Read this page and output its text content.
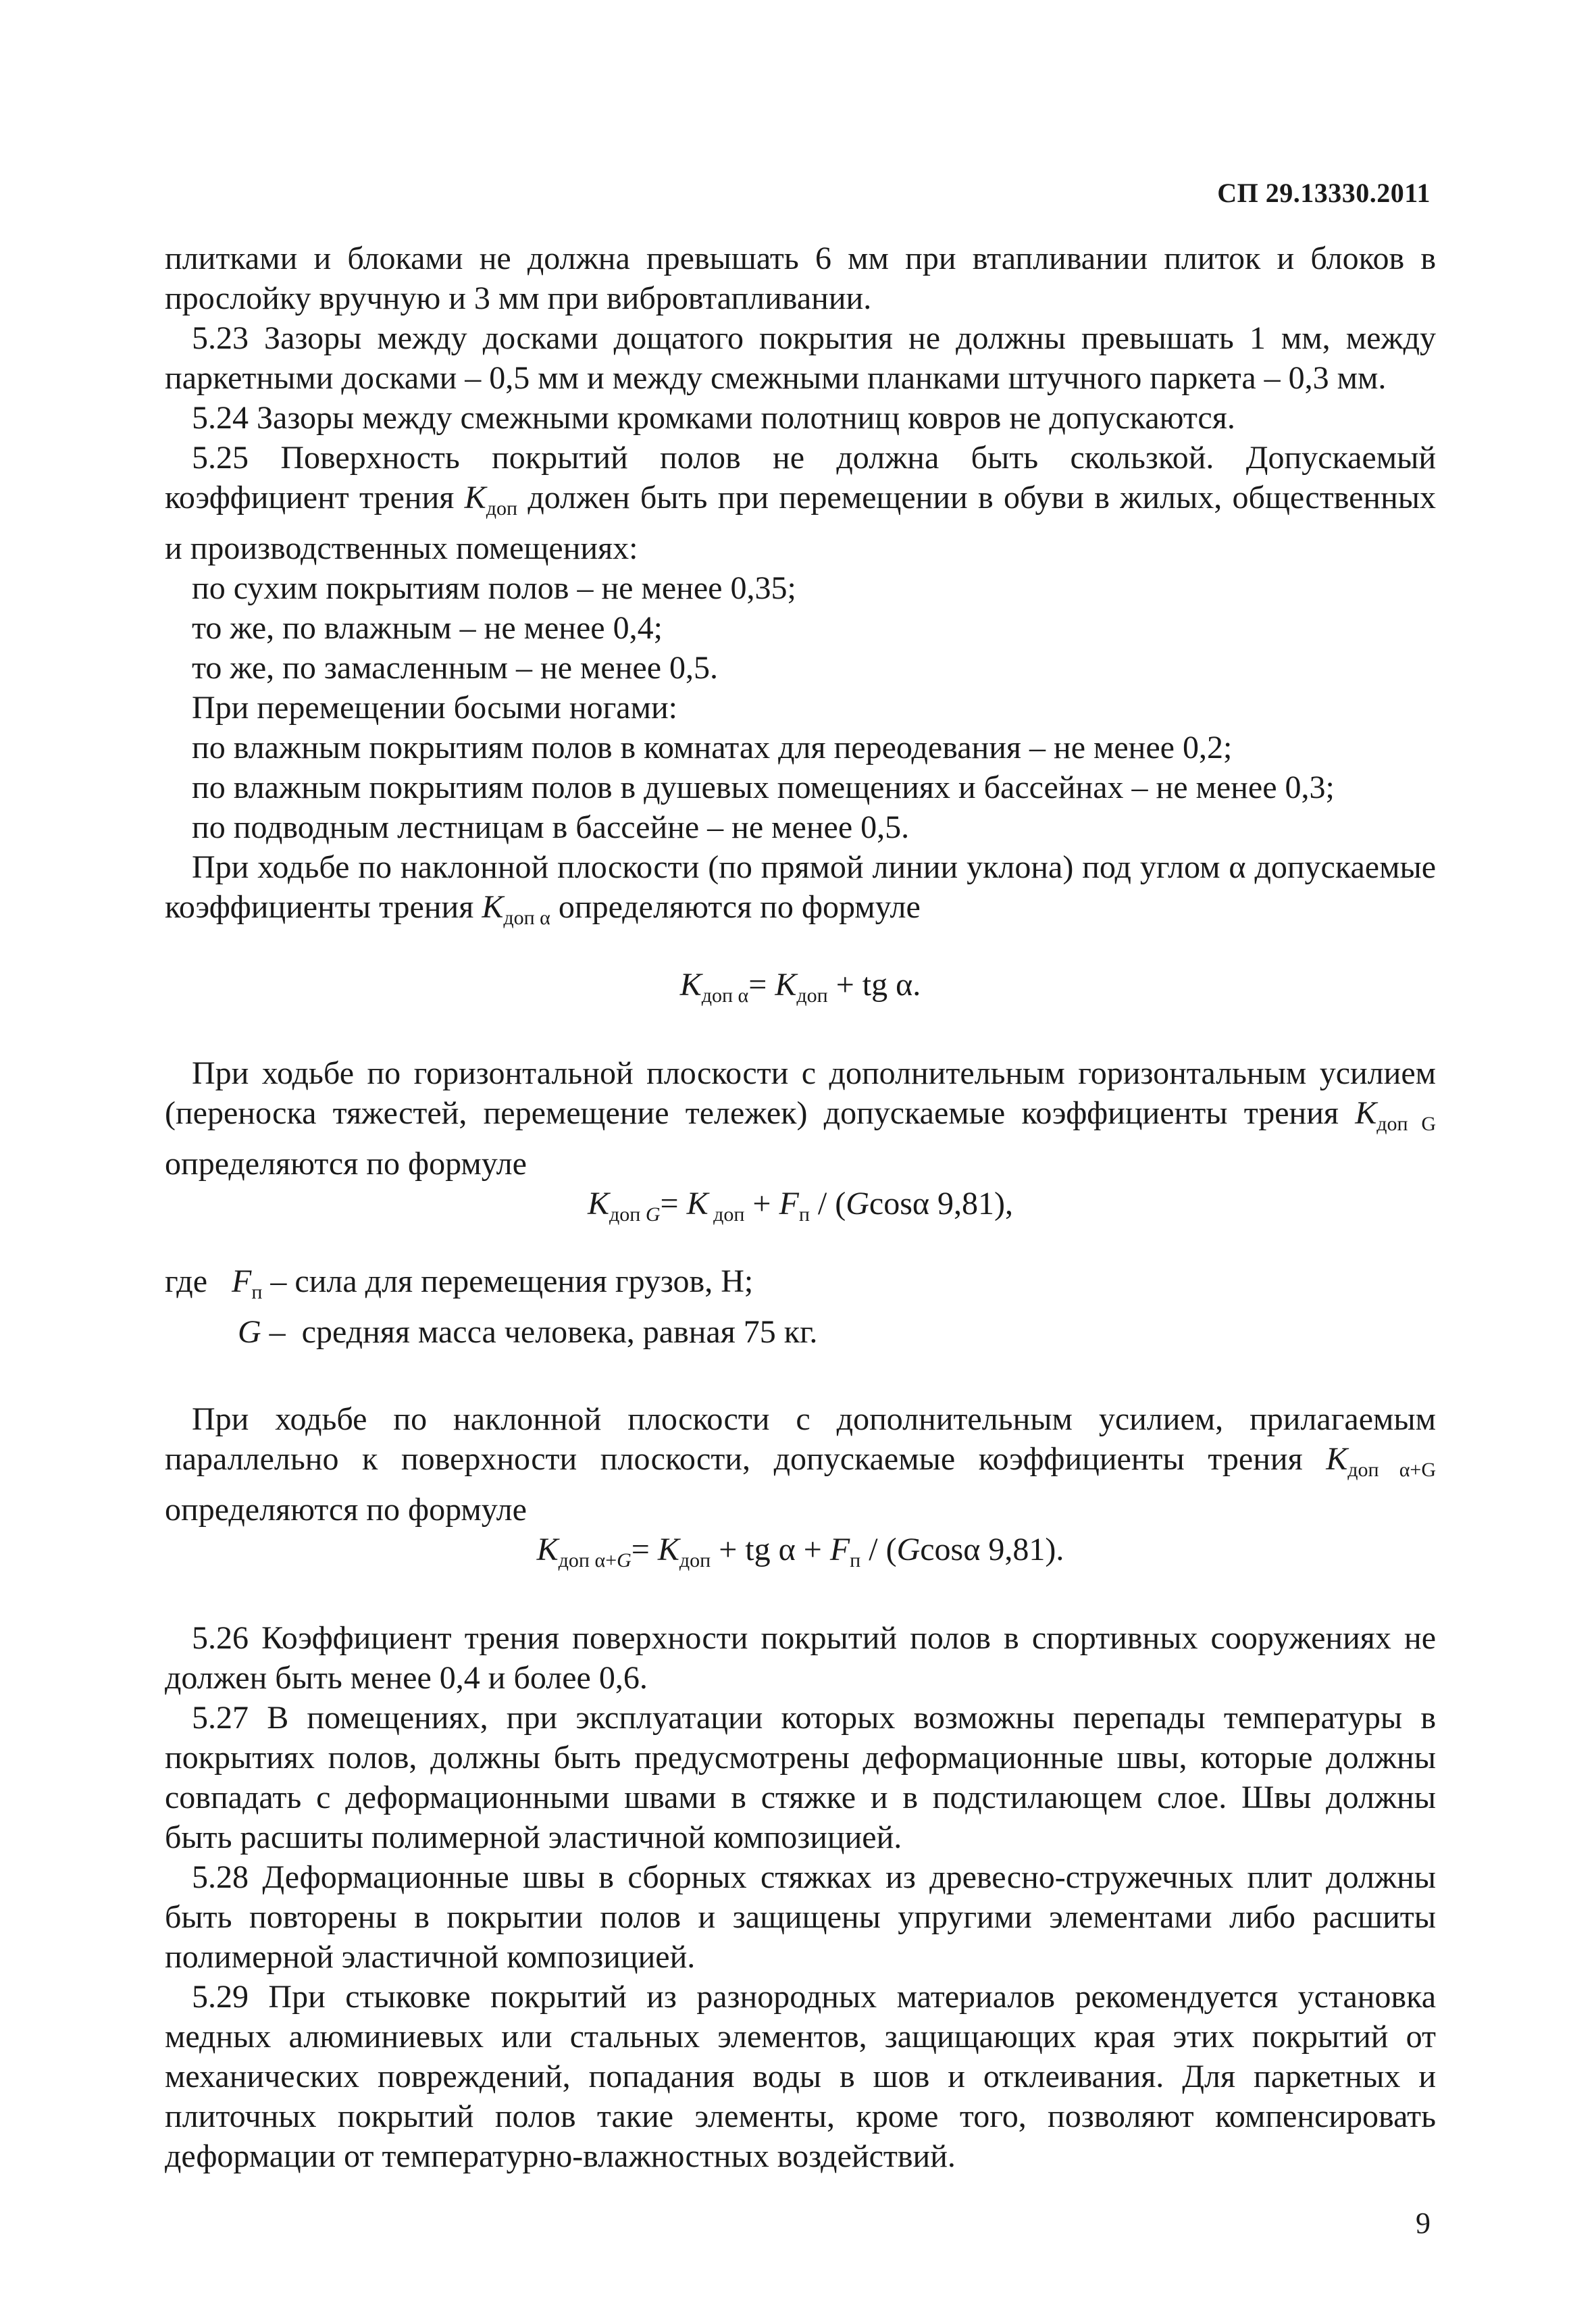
СП 29.13330.2011

плитками и блоками не должна превышать 6 мм при втапливании плиток и блоков в прослойку вручную и 3 мм при вибровтапливании.

5.23 Зазоры между досками дощатого покрытия не должны превышать 1 мм, между паркетными досками – 0,5 мм и между смежными планками штучного паркета – 0,3 мм.

5.24 Зазоры между смежными кромками полотнищ ковров не допускаются.

5.25 Поверхность покрытий полов не должна быть скользкой. Допускаемый коэффициент трения $K_{доп}$ должен быть при перемещении в обуви в жилых, общественных и производственных помещениях:

по сухим покрытиям полов – не менее 0,35;

то же, по влажным – не менее 0,4;

то же, по замасленным – не менее 0,5.

При перемещении босыми ногами:

по влажным покрытиям полов в комнатах для переодевания – не менее 0,2;

по влажным покрытиям полов в душевых помещениях и бассейнах – не менее 0,3;

по подводным лестницам в бассейне – не менее 0,5.

При ходьбе по наклонной плоскости (по прямой линии уклона) под углом α допускаемые коэффициенты трения $K_{доп \alpha}$ определяются по формуле

$K_{доп \alpha}= K_{доп}$ + tg α.

При ходьбе по горизонтальной плоскости с дополнительным горизонтальным усилием (переноска тяжестей, перемещение тележек) допускаемые коэффициенты трения $K_{доп G}$ определяются по формуле

$K_{доп G}= K$ $_{доп} + F_п / (Gcos\alpha$ 9,81),

где   $F_п$ – сила для перемещения грузов, Н;

G –  средняя масса человека, равная 75 кг.

При ходьбе по наклонной плоскости с дополнительным усилием, прилагаемым параллельно к поверхности плоскости, допускаемые коэффициенты трения $K_{доп \alpha+G}$ определяются по формуле

$K_{доп \alpha+G}= K_{доп}$ + tg $\alpha + F_п / (Gcos\alpha$ 9,81).

5.26 Коэффициент трения поверхности покрытий полов в спортивных сооружениях не должен быть менее 0,4 и более 0,6.

5.27 В помещениях, при эксплуатации которых возможны перепады температуры в покрытиях полов, должны быть предусмотрены деформационные швы, которые должны совпадать с деформационными швами в стяжке и в подстилающем слое. Швы должны быть расшиты полимерной эластичной композицией.

5.28 Деформационные швы в сборных стяжках из древесно-стружечных плит должны быть повторены в покрытии полов и защищены упругими элементами либо расшиты полимерной эластичной композицией.

5.29 При стыковке покрытий из разнородных материалов рекомендуется установка медных алюминиевых или стальных элементов, защищающих края этих покрытий от механических повреждений, попадания воды в шов и отклеивания. Для паркетных и плиточных покрытий полов такие элементы, кроме того, позволяют компенсировать деформации от температурно-влажностных воздействий.

9
